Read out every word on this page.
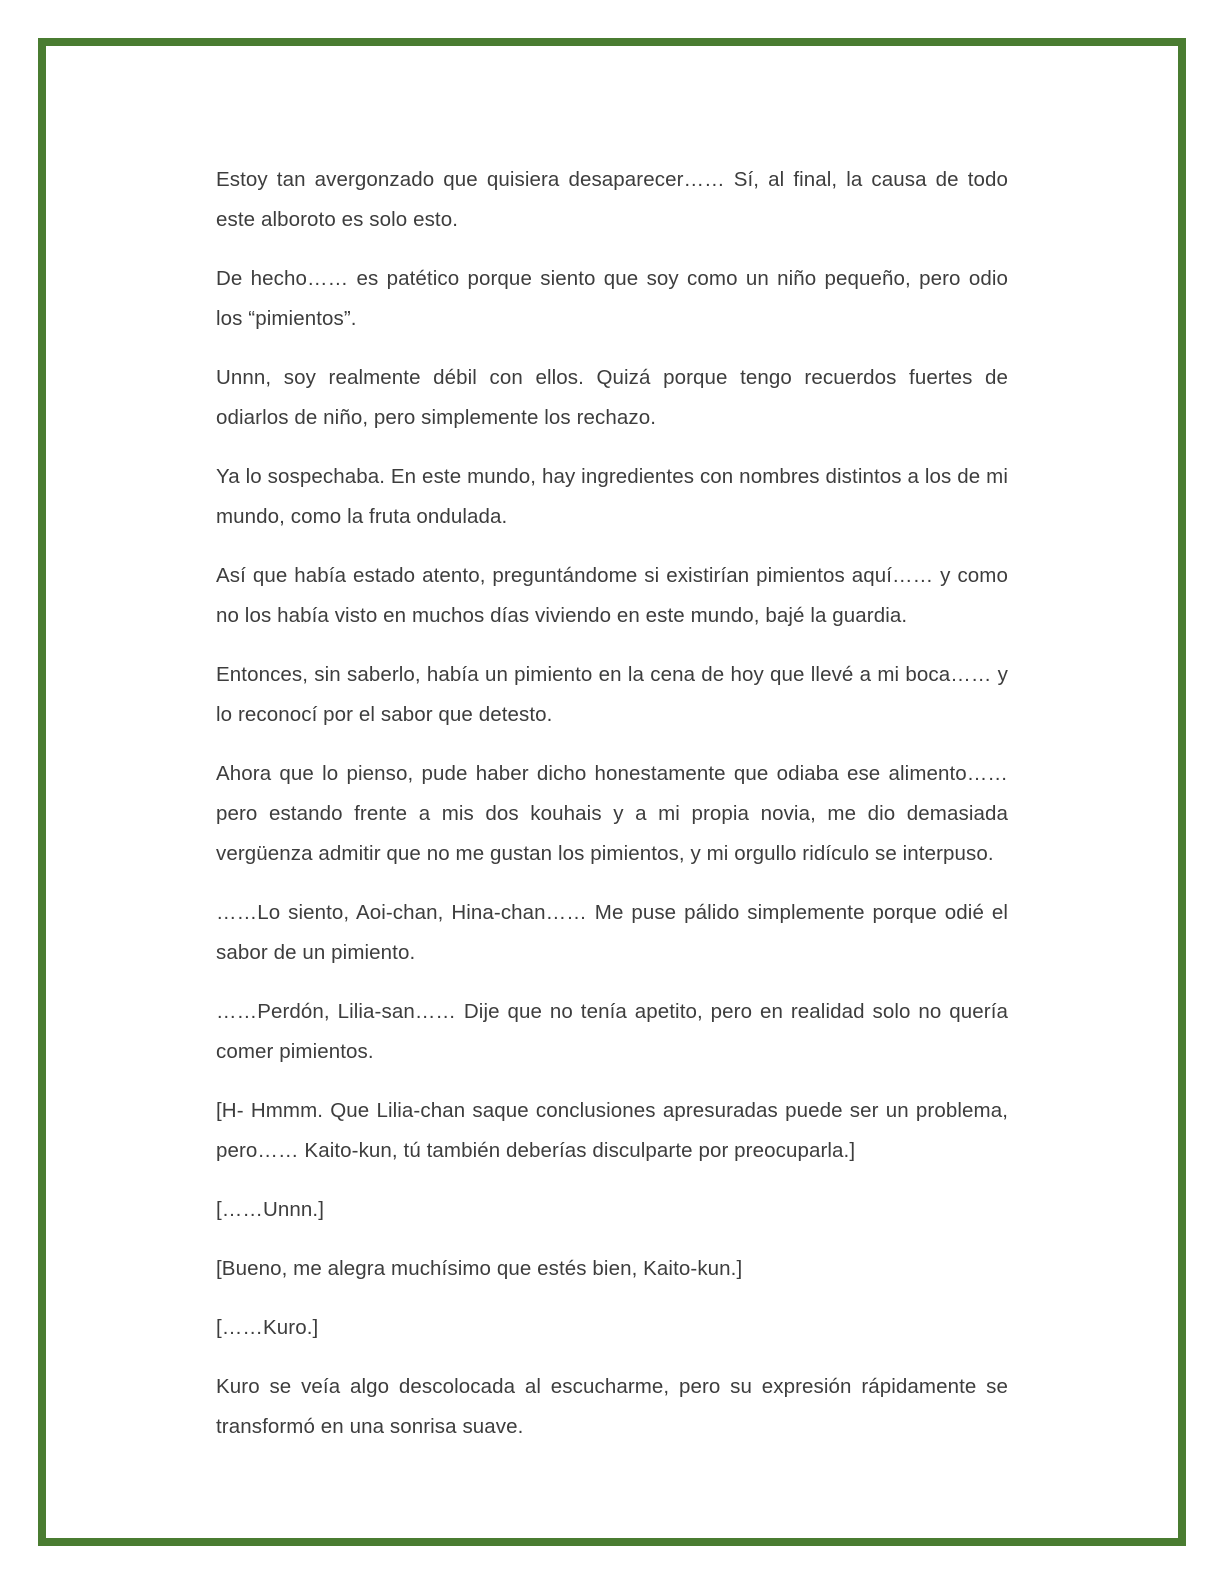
Estoy tan avergonzado que quisiera desaparecer…… Sí, al final, la causa de todo este alboroto es solo esto.

De hecho…… es patético porque siento que soy como un niño pequeño, pero odio los “pimientos”.

Unnn, soy realmente débil con ellos. Quizá porque tengo recuerdos fuertes de odiarlos de niño, pero simplemente los rechazo.

Ya lo sospechaba. En este mundo, hay ingredientes con nombres distintos a los de mi mundo, como la fruta ondulada.

Así que había estado atento, preguntándome si existirían pimientos aquí…… y como no los había visto en muchos días viviendo en este mundo, bajé la guardia.

Entonces, sin saberlo, había un pimiento en la cena de hoy que llevé a mi boca…… y lo reconocí por el sabor que detesto.

Ahora que lo pienso, pude haber dicho honestamente que odiaba ese alimento…… pero estando frente a mis dos kouhais y a mi propia novia, me dio demasiada vergüenza admitir que no me gustan los pimientos, y mi orgullo ridículo se interpuso.

……Lo siento, Aoi-chan, Hina-chan…… Me puse pálido simplemente porque odié el sabor de un pimiento.

……Perdón, Lilia-san…… Dije que no tenía apetito, pero en realidad solo no quería comer pimientos.

[H- Hmmm. Que Lilia-chan saque conclusiones apresuradas puede ser un problema, pero…… Kaito-kun, tú también deberías disculparte por preocuparla.]

[……Unnn.]

[Bueno, me alegra muchísimo que estés bien, Kaito-kun.]

[……Kuro.]

Kuro se veía algo descolocada al escucharme, pero su expresión rápidamente se transformó en una sonrisa suave.
